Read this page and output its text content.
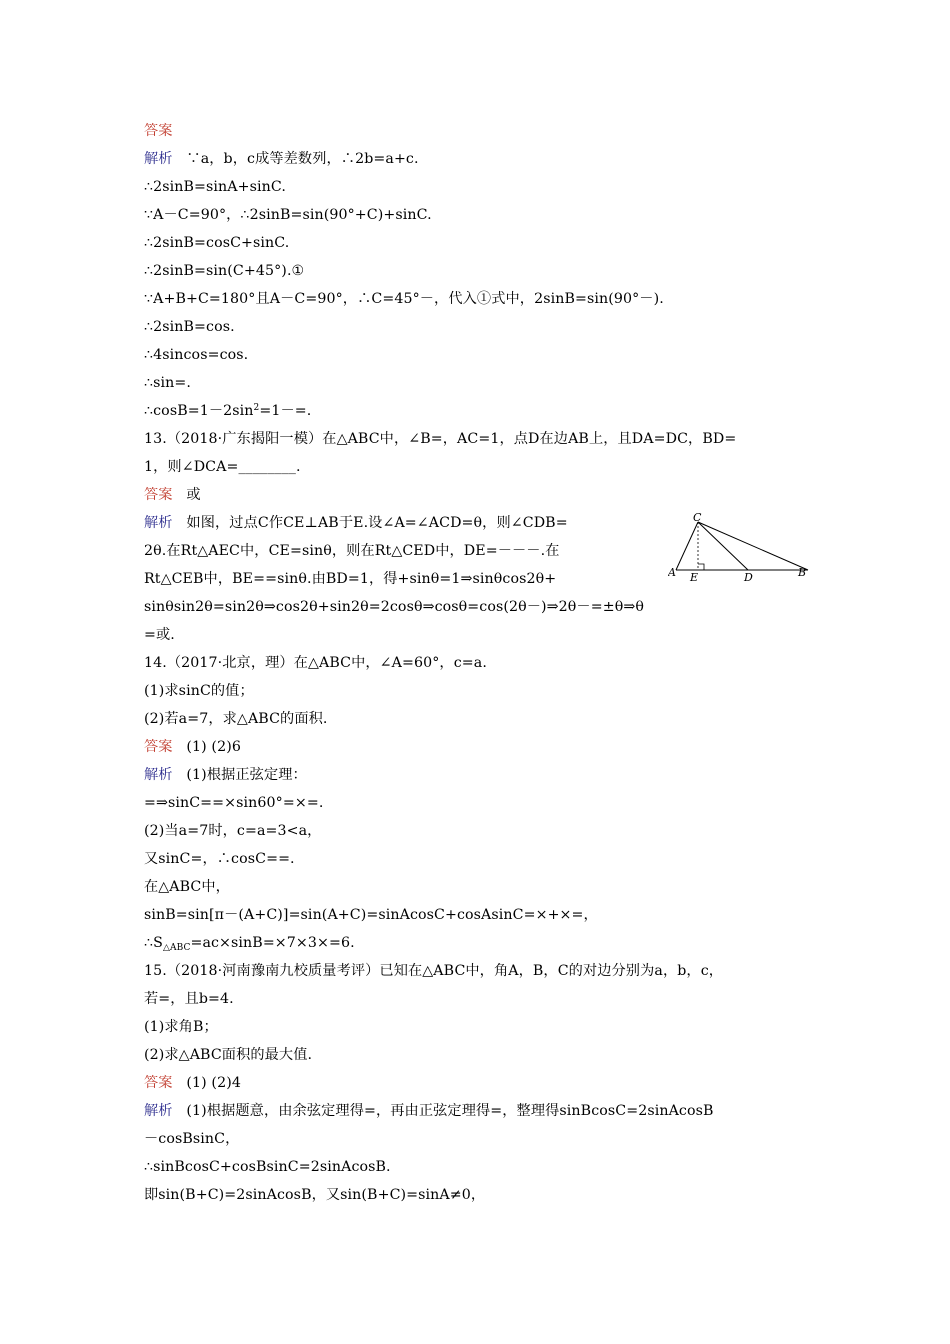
答案
解析 ∵a，b，c成等差数列，∴2b=a+c.
∴2sinB=sinA+sinC.
∵A－C=90°，∴2sinB=sin(90°+C)+sinC.
∴2sinB=cosC+sinC.
∴2sinB=sin(C+45°).①
∵A+B+C=180°且A－C=90°，∴C=45°－，代入①式中，2sinB=sin(90°－).
∴2sinB=cos.
∴4sincos=cos.
∴sin=.
$\therefore\cos B=1-2\sin^2=1-=$.
13.（2018·广东揭阳一模）在△ABC中，∠B=，AC=1，点D在边AB上，且DA=DC，BD=
1，则∠DCA=________.
答案 或
解析 如图，过点C作CE⊥AB于E.设∠A=∠ACD=θ，则∠CDB=
2θ.在Rt△AEC中，CE=sinθ，则在Rt△CED中，DE=－－－.在
Rt△CEB中，BE==sinθ.由BD=1，得+sinθ=1⇒sinθcos2θ+
sinθsin2θ=sin2θ⇒cos2θ+sin2θ=2cosθ⇒cosθ=cos(2θ－)⇒2θ－=±θ⇒θ
=或.
C
A E	D	B
14.（2017·北京，理）在△ABC中，∠A=60°，c=a.
(1)求sinC的值；
(2)若a=7，求△ABC的面积.
答案 (1) (2)6
解析 (1)根据正弦定理：
=⇒sinC==×sin60°=×=.
(2)当a=7时，c=a=3<a，
又sinC=，∴cosC==.
在△ABC中，
sinB=sin[π－(A+C)]=sin(A+C)=sinAcosC+cosAsinC=×+×=，
$\therefore S_{\triangle ABC}=ac\times\sin B=\times 7\times 3\times=6$.
15.（2018·河南豫南九校质量考评）已知在△ABC中，角A，B，C的对边分别为a，b，c，
若=，且b=4.
(1)求角B；
(2)求△ABC面积的最大值.
答案 (1) (2)4
解析 (1)根据题意，由余弦定理得=，再由正弦定理得=，整理得sinBcosC=2sinAcosB
－cosBsinC，
∴sinBcosC+cosBsinC=2sinAcosB.
即sin(B+C)=2sinAcosB，又sin(B+C)=sinA≠0，
